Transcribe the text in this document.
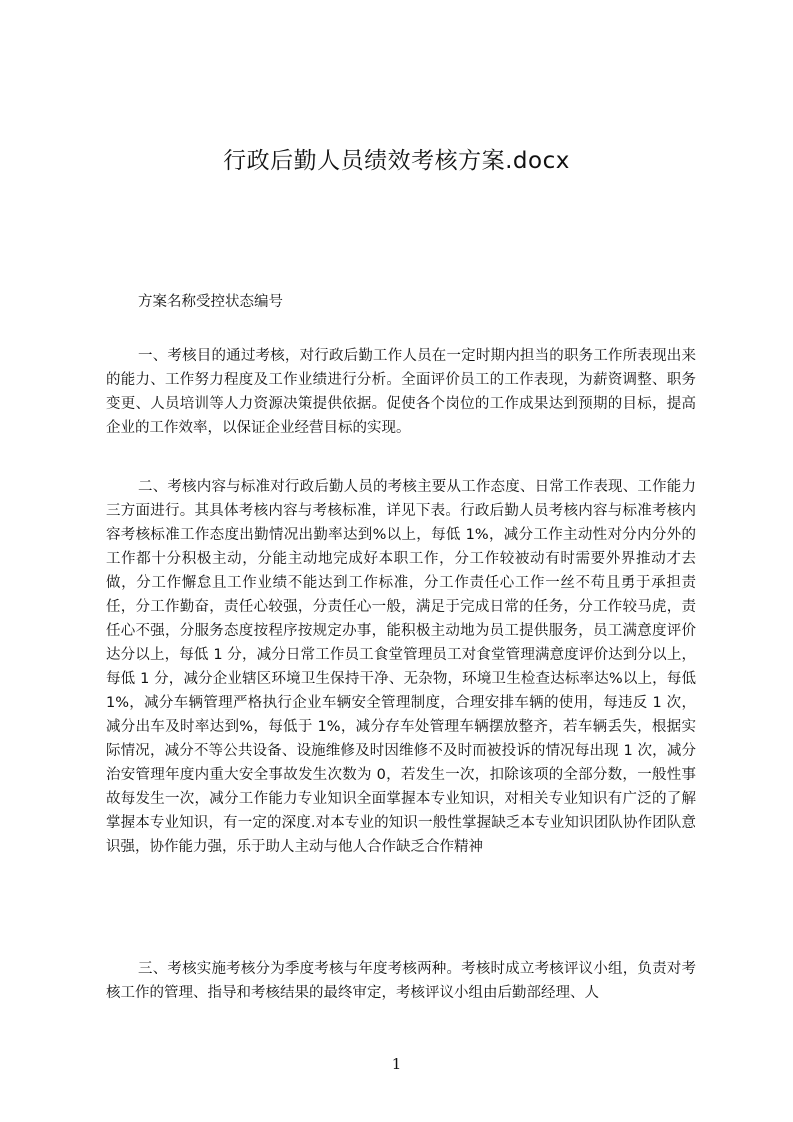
行政后勤人员绩效考核方案.docx
方案名称受控状态编号
一、考核目的通过考核，对行政后勤工作人员在一定时期内担当的职务工作所表现出来的能力、工作努力程度及工作业绩进行分析。全面评价员工的工作表现，为薪资调整、职务变更、人员培训等人力资源决策提供依据。促使各个岗位的工作成果达到预期的目标，提高企业的工作效率，以保证企业经营目标的实现。
二、考核内容与标准对行政后勤人员的考核主要从工作态度、日常工作表现、工作能力三方面进行。其具体考核内容与考核标准，详见下表。行政后勤人员考核内容与标准考核内容考核标准工作态度出勤情况出勤率达到%以上，每低 1%，减分工作主动性对分内分外的工作都十分积极主动，分能主动地完成好本职工作，分工作较被动有时需要外界推动才去做，分工作懈怠且工作业绩不能达到工作标准，分工作责任心工作一丝不苟且勇于承担责任，分工作勤奋，责任心较强，分责任心一般，满足于完成日常的任务，分工作较马虎，责任心不强，分服务态度按程序按规定办事，能积极主动地为员工提供服务，员工满意度评价达分以上，每低 1 分，减分日常工作员工食堂管理员工对食堂管理满意度评价达到分以上，每低 1 分，减分企业辖区环境卫生保持干净、无杂物，环境卫生检查达标率达%以上，每低 1%，减分车辆管理严格执行企业车辆安全管理制度，合理安排车辆的使用，每违反 1 次，减分出车及时率达到%，每低于 1%，减分存车处管理车辆摆放整齐，若车辆丢失，根据实际情况，减分不等公共设备、设施维修及时因维修不及时而被投诉的情况每出现 1 次，减分治安管理年度内重大安全事故发生次数为 0，若发生一次，扣除该项的全部分数，一般性事故每发生一次，减分工作能力专业知识全面掌握本专业知识，对相关专业知识有广泛的了解掌握本专业知识，有一定的深度.对本专业的知识一般性掌握缺乏本专业知识团队协作团队意识强，协作能力强，乐于助人主动与他人合作缺乏合作精神
三、考核实施考核分为季度考核与年度考核两种。考核时成立考核评议小组，负责对考核工作的管理、指导和考核结果的最终审定，考核评议小组由后勤部经理、人
1
